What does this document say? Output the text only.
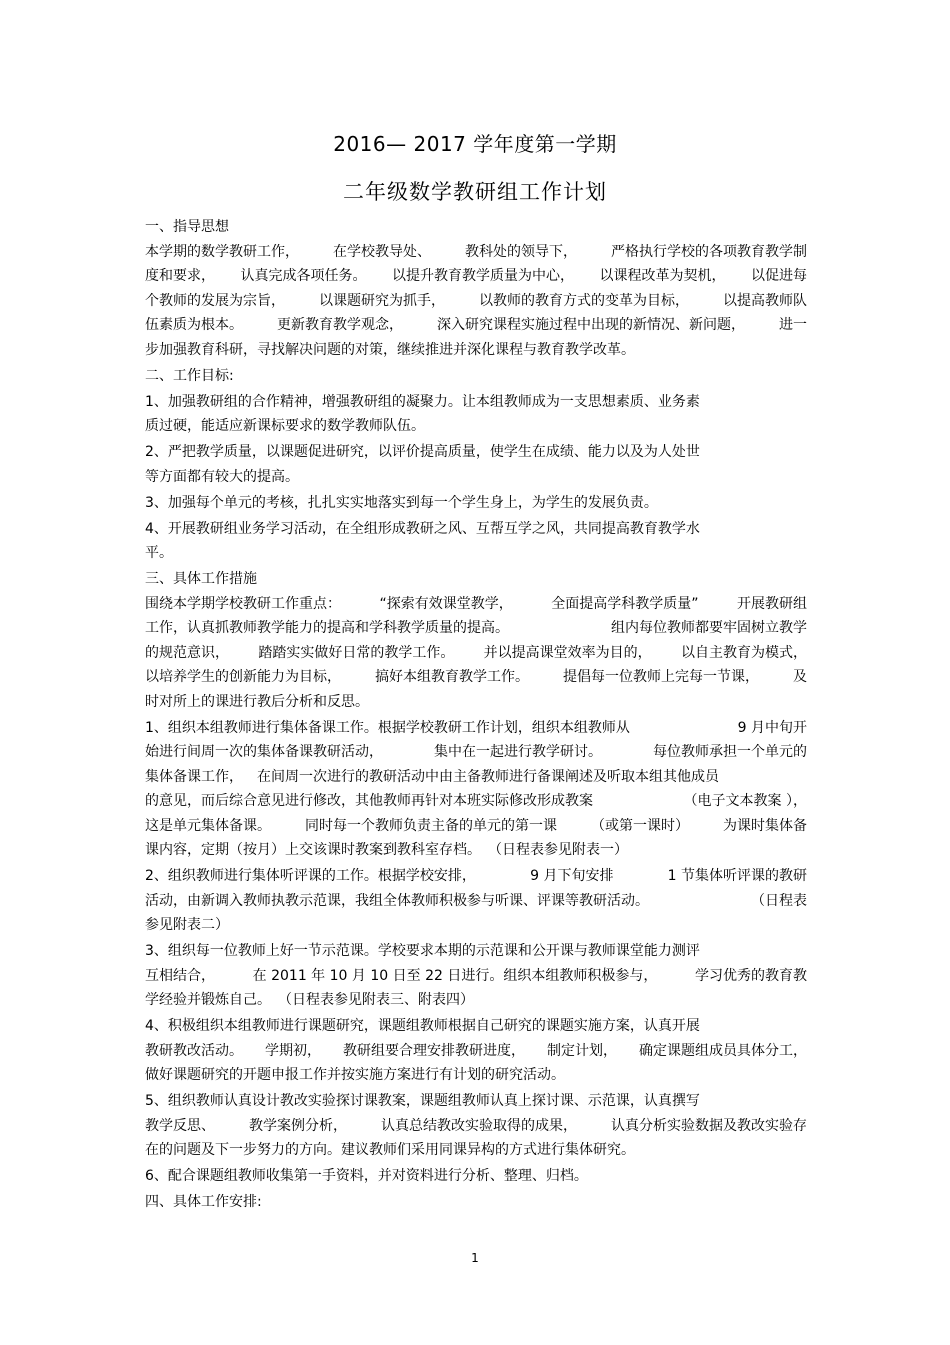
2016— 2017 学年度第一学期
二年级数学教研组工作计划
一、指导思想
本学期的数学教研工作， 在学校教导处、 教科处的领导下， 严格执行学校的各项教育教学制
度和要求， 认真完成各项任务。 以提升教育教学质量为中心， 以课程改革为契机， 以促进每
个教师的发展为宗旨， 以课题研究为抓手， 以教师的教育方式的变革为目标， 以提高教师队
伍素质为根本。 更新教育教学观念， 深入研究课程实施过程中出现的新情况、新问题， 进一
步加强教育科研，寻找解决问题的对策，继续推进并深化课程与教育教学改革。
二、工作目标:
1、加强教研组的合作精神，增强教研组的凝聚力。让本组教师成为一支思想素质、业务素
质过硬，能适应新课标要求的数学教师队伍。
2、严把教学质量，以课题促进研究，以评价提高质量，使学生在成绩、能力以及为人处世
等方面都有较大的提高。
3、加强每个单元的考核，扎扎实实地落实到每一个学生身上，为学生的发展负责。
4、开展教研组业务学习活动，在全组形成教研之风、互帮互学之风，共同提高教育教学水
平。
三、具体工作措施
围绕本学期学校教研工作重点：	“探索有效课堂教学，	全面提高学科教学质量”	开展教研组
工作，认真抓教师教学能力的提高和学科教学质量的提高。	组内每位教师都要牢固树立教学
的规范意识， 踏踏实实做好日常的教学工作。 并以提高课堂效率为目的， 以自主教育为模式，
以培养学生的创新能力为目标， 搞好本组教育教学工作。 提倡每一位教师上完每一节课， 及
时对所上的课进行教后分析和反思。
1、组织本组教师进行集体备课工作。根据学校教研工作计划，组织本组教师从	9 月中旬开
始进行间周一次的集体备课教研活动，	集中在一起进行教学研讨。	每位教师承担一个单元的
集体备课工作， 在间周一次进行的教研活动中由主备教师进行备课阐述及听取本组其他成员
的意见，而后综合意见进行修改，其他教师再针对本班实际修改形成教案	（电子文本教案 ），
这是单元集体备课。 同时每一个教师负责主备的单元的第一课 （或第一课时） 为课时集体备
课内容，定期（按月）上交该课时教案到教科室存档。 （日程表参见附表一）
2、组织教师进行集体听评课的工作。根据学校安排，	9 月下旬安排	1 节集体听评课的教研
活动，由新调入教师执教示范课，我组全体教师积极参与听课、评课等教研活动。	（日程表
参见附表二）
3、组织每一位教师上好一节示范课。学校要求本期的示范课和公开课与教师课堂能力测评
互相结合，	在 2011 年 10 月 10 日至 22 日进行。组织本组教师积极参与，	学习优秀的教育教
学经验并锻炼自己。 （日程表参见附表三、附表四）
4、积极组织本组教师进行课题研究，课题组教师根据自己研究的课题实施方案，认真开展
教研教改活动。 学期初， 教研组要合理安排教研进度， 制定计划， 确定课题组成员具体分工，
做好课题研究的开题申报工作并按实施方案进行有计划的研究活动。
5、组织教师认真设计教改实验探讨课教案，课题组教师认真上探讨课、示范课，认真撰写
教学反思、 教学案例分析， 认真总结教改实验取得的成果， 认真分析实验数据及教改实验存
在的问题及下一步努力的方向。建议教师们采用同课异构的方式进行集体研究。
6、配合课题组教师收集第一手资料，并对资料进行分析、整理、归档。
四、具体工作安排:
1
